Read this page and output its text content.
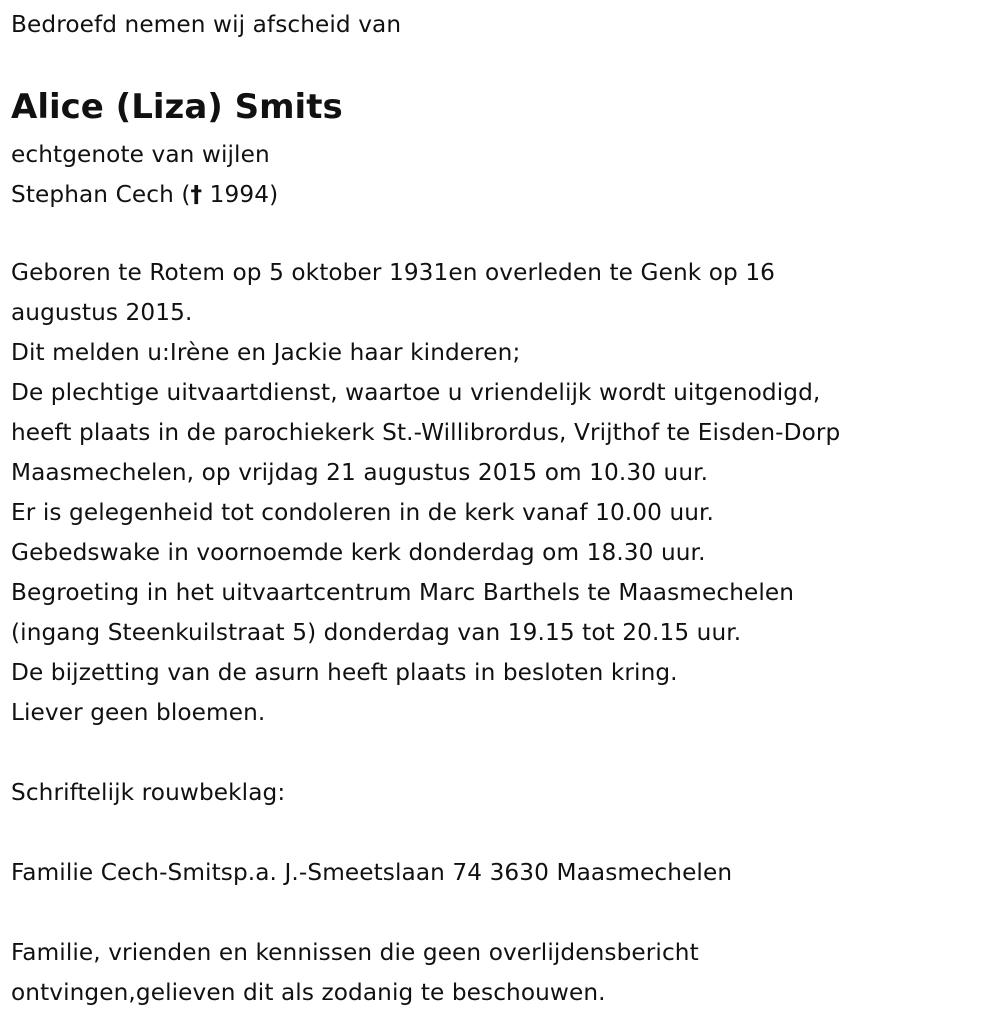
Bedroefd nemen wij afscheid van
Alice (Liza) Smits
echtgenote van wijlen
Stephan Cech († 1994)
Geboren te Rotem op 5 oktober 1931en overleden te Genk op 16
augustus 2015.
Dit melden u:Irène en Jackie haar kinderen;
De plechtige uitvaartdienst, waartoe u vriendelijk wordt uitgenodigd,
heeft plaats in de parochiekerk St.-Willibrordus, Vrijthof te Eisden-Dorp
Maasmechelen, op vrijdag 21 augustus 2015 om 10.30 uur.
Er is gelegenheid tot condoleren in de kerk vanaf 10.00 uur.
Gebedswake in voornoemde kerk donderdag om 18.30 uur.
Begroeting in het uitvaartcentrum Marc Barthels te Maasmechelen
(ingang Steenkuilstraat 5) donderdag van 19.15 tot 20.15 uur.
De bijzetting van de asurn heeft plaats in besloten kring.
Liever geen bloemen.
Schriftelijk rouwbeklag:
Familie Cech-Smitsp.a. J.-Smeetslaan 74 3630 Maasmechelen
Familie, vrienden en kennissen die geen overlijdensbericht
ontvingen,gelieven dit als zodanig te beschouwen.
